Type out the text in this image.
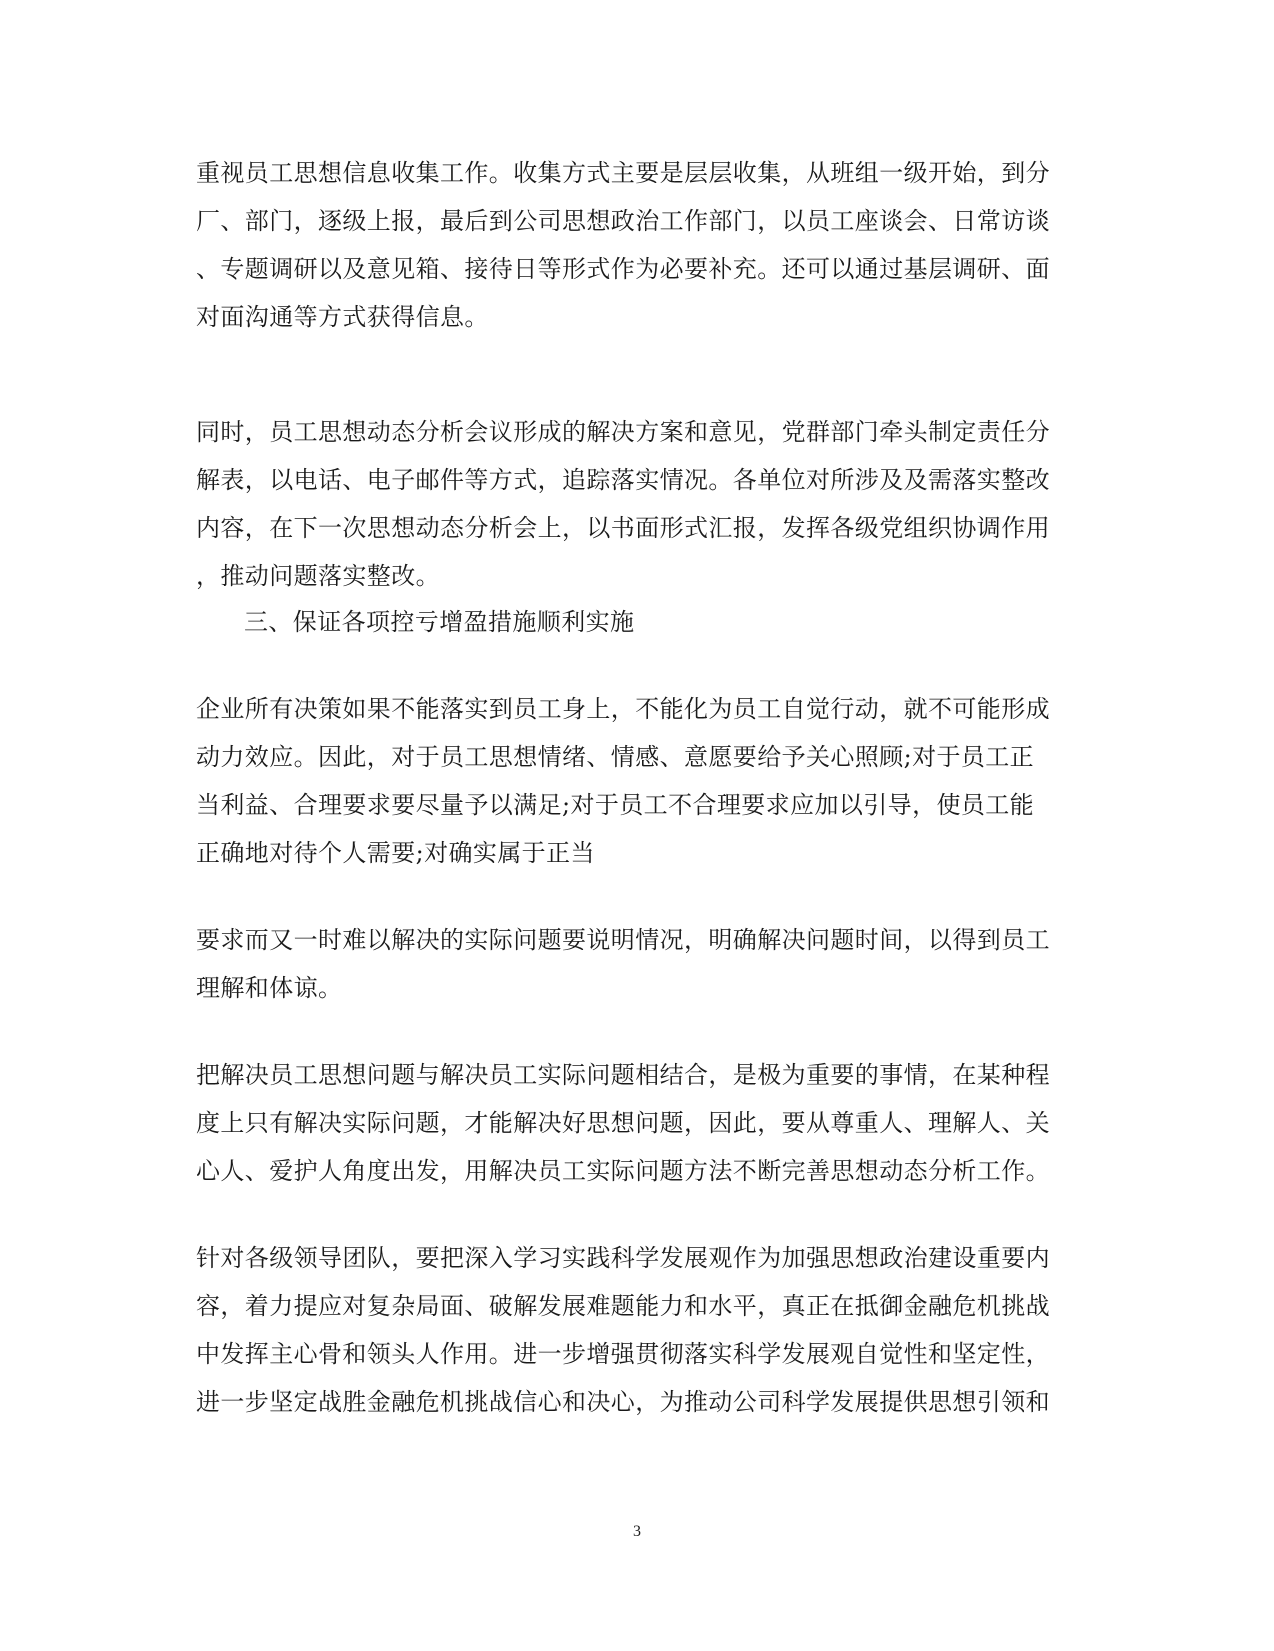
重视员工思想信息收集工作。收集方式主要是层层收集，从班组一级开始，到分
厂、部门，逐级上报，最后到公司思想政治工作部门，以员工座谈会、日常访谈
、专题调研以及意见箱、接待日等形式作为必要补充。还可以通过基层调研、面
对面沟通等方式获得信息。
同时，员工思想动态分析会议形成的解决方案和意见，党群部门牵头制定责任分
解表，以电话、电子邮件等方式，追踪落实情况。各单位对所涉及及需落实整改
内容，在下一次思想动态分析会上，以书面形式汇报，发挥各级党组织协调作用
，推动问题落实整改。
三、保证各项控亏增盈措施顺利实施
企业所有决策如果不能落实到员工身上，不能化为员工自觉行动，就不可能形成
动力效应。因此，对于员工思想情绪、情感、意愿要给予关心照顾;对于员工正
当利益、合理要求要尽量予以满足;对于员工不合理要求应加以引导，使员工能
正确地对待个人需要;对确实属于正当
要求而又一时难以解决的实际问题要说明情况，明确解决问题时间，以得到员工
理解和体谅。
把解决员工思想问题与解决员工实际问题相结合，是极为重要的事情，在某种程
度上只有解决实际问题，才能解决好思想问题，因此，要从尊重人、理解人、关
心人、爱护人角度出发，用解决员工实际问题方法不断完善思想动态分析工作。
针对各级领导团队，要把深入学习实践科学发展观作为加强思想政治建设重要内
容，着力提应对复杂局面、破解发展难题能力和水平，真正在抵御金融危机挑战
中发挥主心骨和领头人作用。进一步增强贯彻落实科学发展观自觉性和坚定性，
进一步坚定战胜金融危机挑战信心和决心，为推动公司科学发展提供思想引领和
3
